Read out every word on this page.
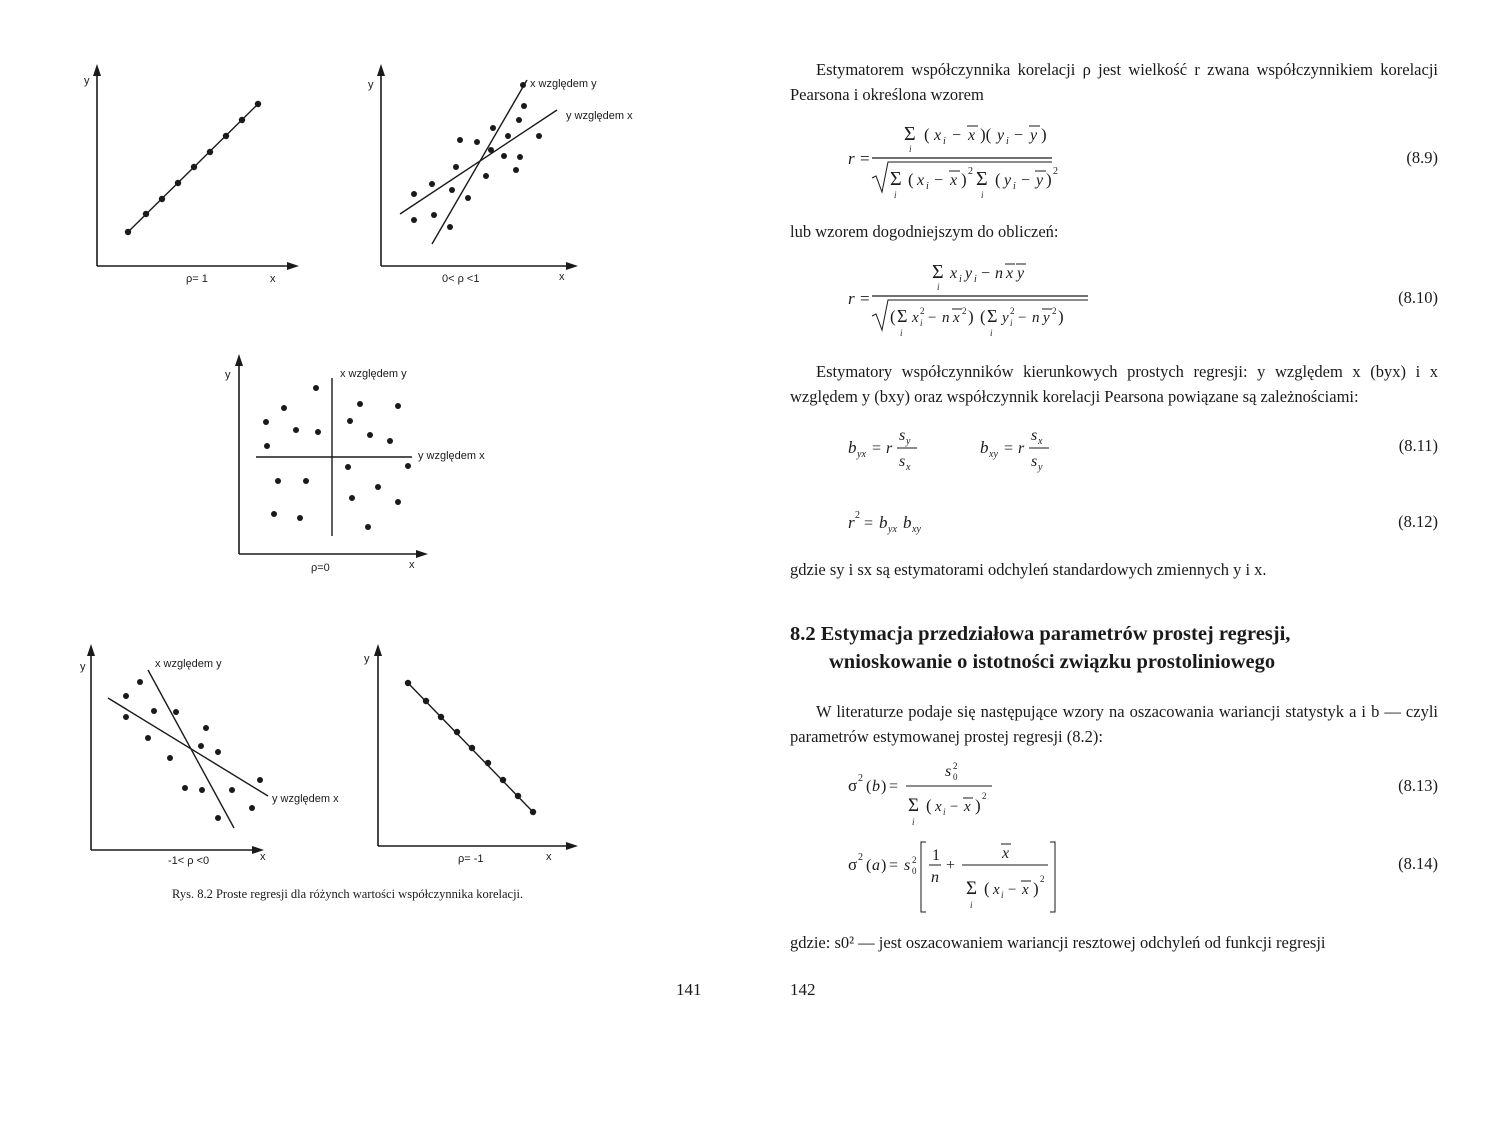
y
x
ρ= 1
y
x
0< ρ <1
x względem y
y względem x
y
x
ρ=0
x względem y
y względem x
y
x
-1< ρ <0
x względem y
y względem x
y
x
ρ= -1
Rys. 8.2 Proste regresji dla różynch wartości współczynnika korelacji.
141
Estymatorem współczynnika korelacji ρ jest wielkość r zwana współczynnikiem korelacji Pearsona i określona wzorem
r =
Σ
i
( x i − x )( y i − y )
Σ
i
( x i − x ) 2 Σ
i
( y i − y ) 2
(8.9)
lub wzorem dogodniejszym do obliczeń:
r =
Σ
i
x i y i − n x y
( Σ
i
x 2
i − n x 2 ) ( Σ
i
y 2
i − n y 2 )
(8.10)
Estymatory współczynników kierunkowych prostych regresji: y względem x (byx) i x względem y (bxy) oraz współczynnik korelacji Pearsona powiązane są zależnościami:
b yx = r
s y
s x
b xy = r
s x
s y
(8.11)
r 2 = b yx b xy	(8.12)
gdzie sy i sx są estymatorami odchyleń standardowych zmiennych y i x.
8.2 Estymacja przedziałowa parametrów prostej regresji,
wnioskowanie o istotności związku prostoliniowego
W literaturze podaje się następujące wzory na oszacowania wariancji statystyk a i b — czyli parametrów estymowanej prostej regresji (8.2):
σ 2 ( b ) =
s 2
0
Σ
i
( x i − x ) 2
(8.13)
σ 2 ( a ) = s 2
0
1
n
+
x
Σ
i
( x i − x ) 2
(8.14)
gdzie: s0² — jest oszacowaniem wariancji resztowej odchyleń od funkcji regresji
142
